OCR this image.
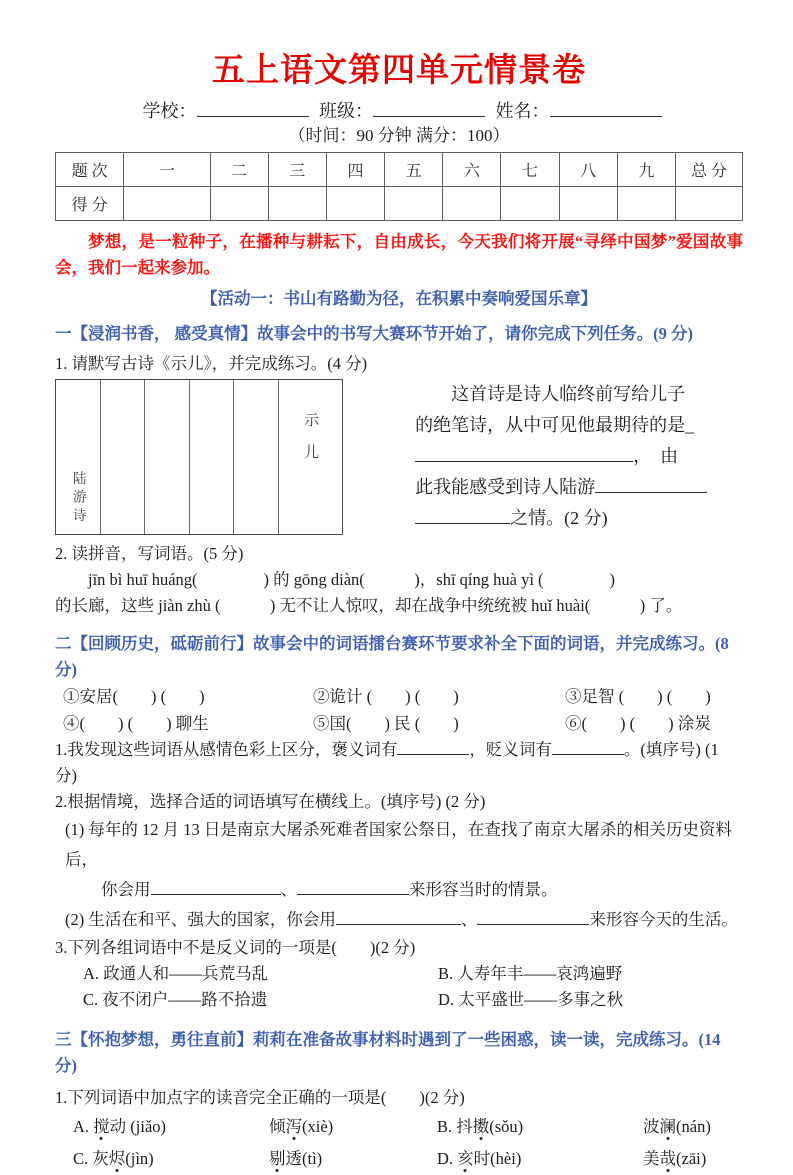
五上语文第四单元情景卷
学校：	班级：	姓名：
（时间：90 分钟 满分：100）
题 次	一	二	三	四	五	六	七	八	九	总 分
得 分										

梦想，是一粒种子，在播种与耕耘下，自由成长，今天我们将开展“寻绎中国梦”爱国故事会，我们一起来参加。

【活动一：书山有路勤为径，在积累中奏响爱国乐章】
一【浸润书香， 感受真情】故事会中的书写大赛环节开始了，请你完成下列任务。(9 分)
1. 请默写古诗《示儿》，并完成练习。(4 分)
陆游诗
示儿
这首诗是诗人临终前写给儿子
的绝笔诗，从中可见他最期待的是_
，　由
此我能感受到诗人陆游
之情。(2 分)
2. 读拼音，写词语。(5 分)
jīn bì huī huáng(　　　　) 的 gōng diàn(　　　)，shī qíng huà yì (　　　　)
的长廊，这些 jiàn zhù (　　　) 无不让人惊叹，却在战争中统统被 huǐ huài(　　　) 了。
二【回顾历史，砥砺前行】故事会中的词语擂台赛环节要求补全下面的词语，并完成练习。(8 分)
①安居(　　) (　　)	②诡计 (　　) (　　)	③足智 (　　) (　　)
④(　　) (　　) 聊生	⑤国(　　) 民 (　　)	⑥(　　) (　　) 涂炭
1.我发现这些词语从感情色彩上区分，褒义词有	，贬义词有	。(填序号) (1 分)
2.根据情境，选择合适的词语填写在横线上。(填序号) (2 分)
(1) 每年的 12 月 13 日是南京大屠杀死难者国家公祭日，在查找了南京大屠杀的相关历史资料后，
你会用	、	来形容当时的情景。
(2) 生活在和平、强大的国家，你会用	、	来形容今天的生活。
3.下列各组词语中不是反义词的一项是(　　)(2 分)
A. 政通人和——兵荒马乱	B. 人寿年丰——哀鸿遍野
C. 夜不闭户——路不拾遗	D. 太平盛世——多事之秋
三【怀抱梦想，勇往直前】莉莉在准备故事材料时遇到了一些困惑，读一读，完成练习。(14 分)
1.下列词语中加点字的读音完全正确的一项是(　　)(2 分)
A. 搅动 (jiǎo)	倾泻(xiè)	B. 抖擞(sǒu)	波澜(nán)
C. 灰烬(jìn)	剔透(tì)	D. 亥时(hèi)	美哉(zāi)
